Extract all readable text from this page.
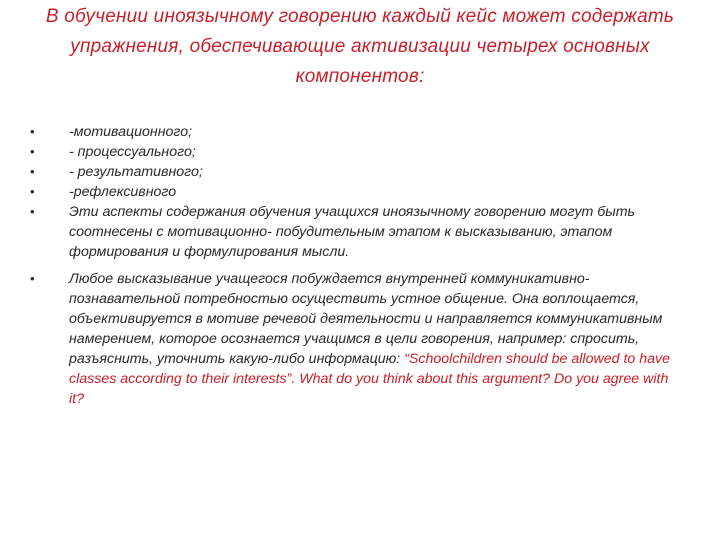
В обучении иноязычному говорению каждый кейс может содержать упражнения, обеспечивающие активизации четырех основных компонентов:
• -мотивационного;
• - процессуального;
• - результативного;
• -рефлексивного
• Эти аспекты содержания обучения учащихся иноязычному говорению могут быть соотнесены с мотивационно- побудительным этапом к высказыванию, этапом формирования и формулирования мысли.
• Любое высказывание учащегося побуждается внутренней коммуникативно-познавательной потребностью осуществить устное общение. Она воплощается, объективируется в мотиве речевой деятельности и направляется коммуникативным намерением, которое осознается учащимся в цели говорения, например: спросить, разъяснить, уточнить какую-либо информацию: “Schoolchildren should be allowed to have classes according to their interests”. What do you think about this argument? Do you agree with it?
